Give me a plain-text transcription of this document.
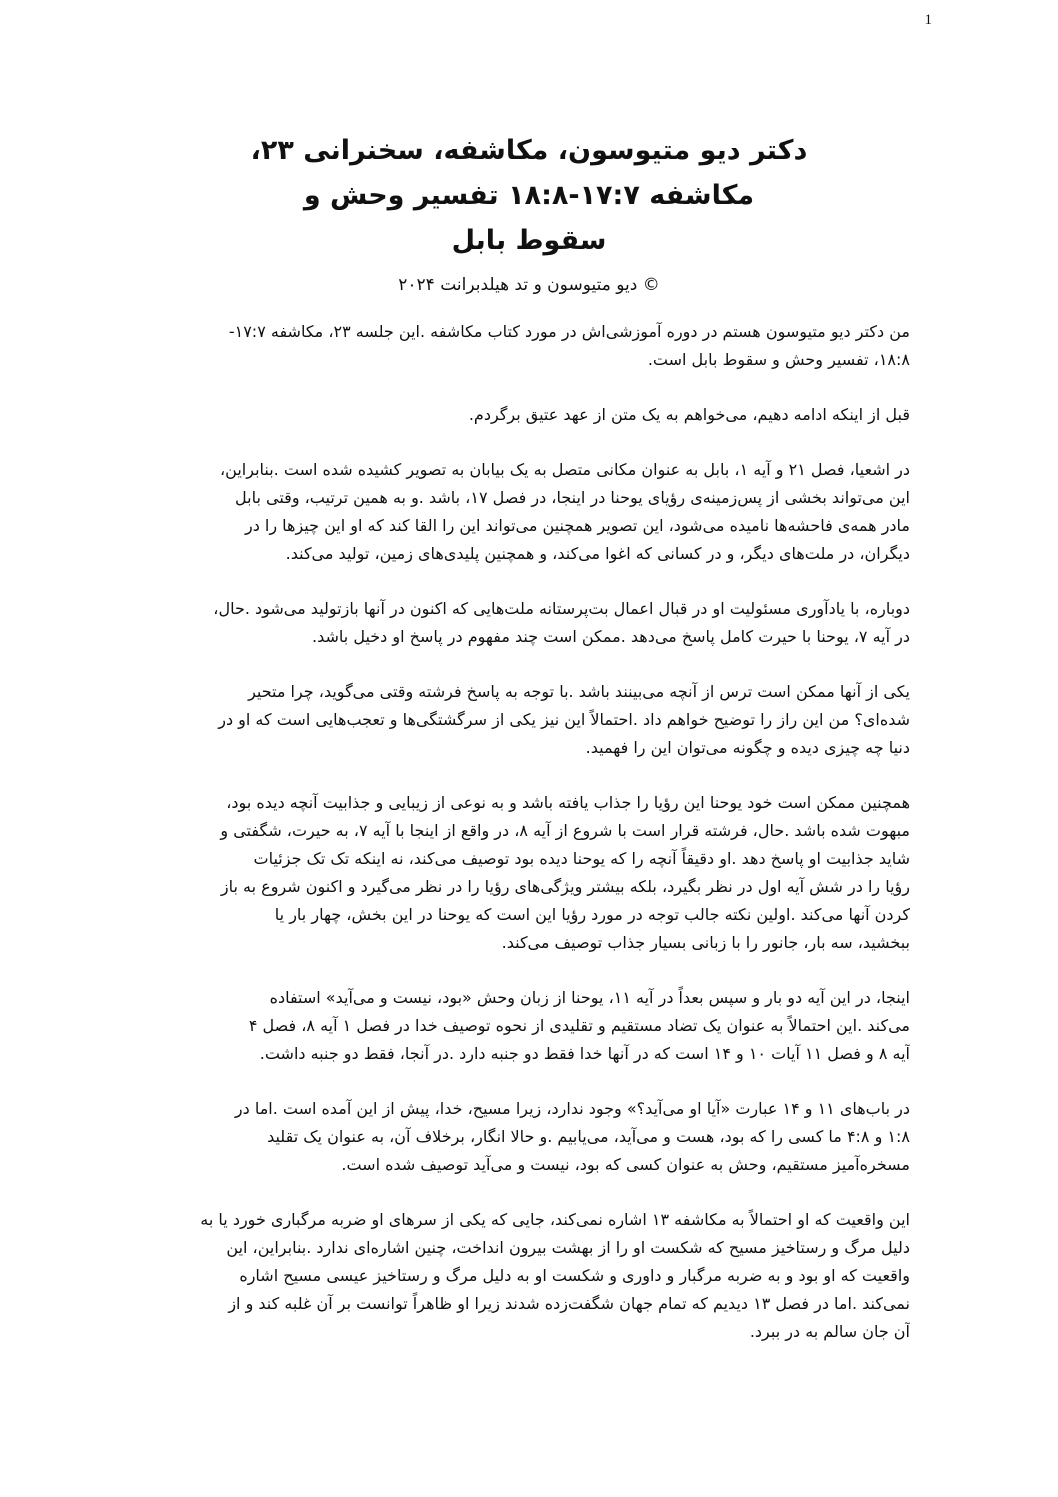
1
دکتر دیو متیوسون، مکاشفه، سخنرانی ۲۳،
مکاشفه ۱۷:۷-۱۸:۸ تفسیر وحش و
سقوط بابل
© دیو متیوسون و تد هیلدبرانت ۲۰۲۴
من دکتر دیو متیوسون هستم در دوره آموزشی‌اش در مورد کتاب مکاشفه .این جلسه ۲۳، مکاشفه ۱۷:۷-
۱۸:۸، تفسیر وحش و سقوط بابل است.
قبل از اینکه ادامه دهیم، می‌خواهم به یک متن از عهد عتیق برگردم.
در اشعیا، فصل ۲۱ و آیه ۱، بابل به عنوان مکانی متصل به یک بیابان به تصویر کشیده شده است .بنابراین،
این می‌تواند بخشی از پس‌زمینه‌ی رؤیای یوحنا در اینجا، در فصل ۱۷، باشد .و به همین ترتیب، وقتی بابل
مادر همه‌ی فاحشه‌ها نامیده می‌شود، این تصویر همچنین می‌تواند این را القا کند که او این چیزها را در
دیگران، در ملت‌های دیگر، و در کسانی که اغوا می‌کند، و همچنین پلیدی‌های زمین، تولید می‌کند.
دوباره، با یادآوری مسئولیت او در قبال اعمال بت‌پرستانه ملت‌هایی که اکنون در آنها بازتولید می‌شود .حال،
در آیه ۷، یوحنا با حیرت کامل پاسخ می‌دهد .ممکن است چند مفهوم در پاسخ او دخیل باشد.
یکی از آنها ممکن است ترس از آنچه می‌بینند باشد .با توجه به پاسخ فرشته وقتی می‌گوید، چرا متحیر
شده‌ای؟ من این راز را توضیح خواهم داد .احتمالاً این نیز یکی از سرگشتگی‌ها و تعجب‌هایی است که او در
دنیا چه چیزی دیده و چگونه می‌توان این را فهمید.
همچنین ممکن است خود یوحنا این رؤیا را جذاب یافته باشد و به نوعی از زیبایی و جذابیت آنچه دیده بود،
مبهوت شده باشد .حال، فرشته قرار است با شروع از آیه ۸، در واقع از اینجا با آیه ۷، به حیرت، شگفتی و
شاید جذابیت او پاسخ دهد .او دقیقاً آنچه را که یوحنا دیده بود توصیف می‌کند، نه اینکه تک تک جزئیات
رؤیا را در شش آیه اول در نظر بگیرد، بلکه بیشتر ویژگی‌های رؤیا را در نظر می‌گیرد و اکنون شروع به باز
کردن آنها می‌کند .اولین نکته جالب توجه در مورد رؤیا این است که یوحنا در این بخش، چهار بار یا
ببخشید، سه بار، جانور را با زبانی بسیار جذاب توصیف می‌کند.
اینجا، در این آیه دو بار و سپس بعداً در آیه ۱۱، یوحنا از زبان وحش «بود، نیست و می‌آید» استفاده
می‌کند .این احتمالاً به عنوان یک تضاد مستقیم و تقلیدی از نحوه توصیف خدا در فصل ۱ آیه ۸، فصل ۴
آیه ۸ و فصل ۱۱ آیات ۱۰ و ۱۴ است که در آنها خدا فقط دو جنبه دارد .در آنجا، فقط دو جنبه داشت.
در باب‌های ۱۱ و ۱۴ عبارت «آیا او می‌آید؟» وجود ندارد، زیرا مسیح، خدا، پیش از این آمده است .اما در
۱:۸ و ۴:۸ ما کسی را که بود، هست و می‌آید، می‌یابیم .و حالا انگار، برخلاف آن، به عنوان یک تقلید
مسخره‌آمیز مستقیم، وحش به عنوان کسی که بود، نیست و می‌آید توصیف شده است.
این واقعیت که او احتمالاً به مکاشفه ۱۳ اشاره نمی‌کند، جایی که یکی از سرهای او ضربه مرگباری خورد یا به
دلیل مرگ و رستاخیز مسیح که شکست او را از بهشت بیرون انداخت، چنین اشاره‌ای ندارد .بنابراین، این
واقعیت که او بود و به ضربه مرگبار و داوری و شکست او به دلیل مرگ و رستاخیز عیسی مسیح اشاره
نمی‌کند .اما در فصل ۱۳ دیدیم که تمام جهان شگفت‌زده شدند زیرا او ظاهراً توانست بر آن غلبه کند و از
آن جان سالم به در ببرد.
